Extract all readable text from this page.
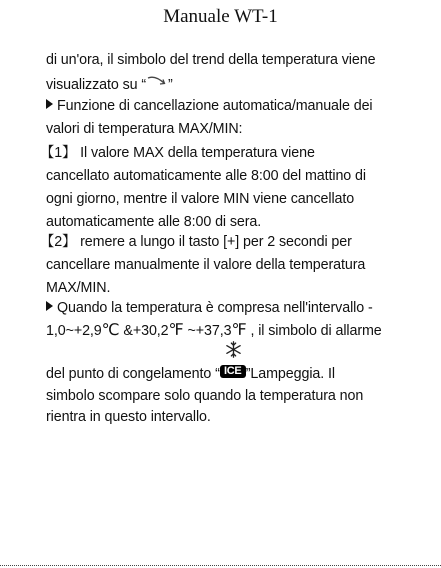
Manuale WT-1
di un'ora, il simbolo del trend della temperatura viene
visualizzato su “ ”
Funzione di cancellazione automatica/manuale dei
valori di temperatura MAX/MIN:
【1】 Il valore MAX della temperatura viene
cancellato automaticamente alle 8:00 del mattino di
ogni giorno, mentre il valore MIN viene cancellato
automaticamente alle 8:00 di sera.
【2】 remere a lungo il tasto [+] per 2 secondi per
cancellare manualmente il valore della temperatura
MAX/MIN.
Quando la temperatura è compresa nell'intervallo -
1,0~+2,9℃ &+30,2℉ ~+37,3℉ , il simbolo di allarme
del punto di congelamento “ ICE ”Lampeggia. Il
simbolo scompare solo quando la temperatura non
rientra in questo intervallo.
